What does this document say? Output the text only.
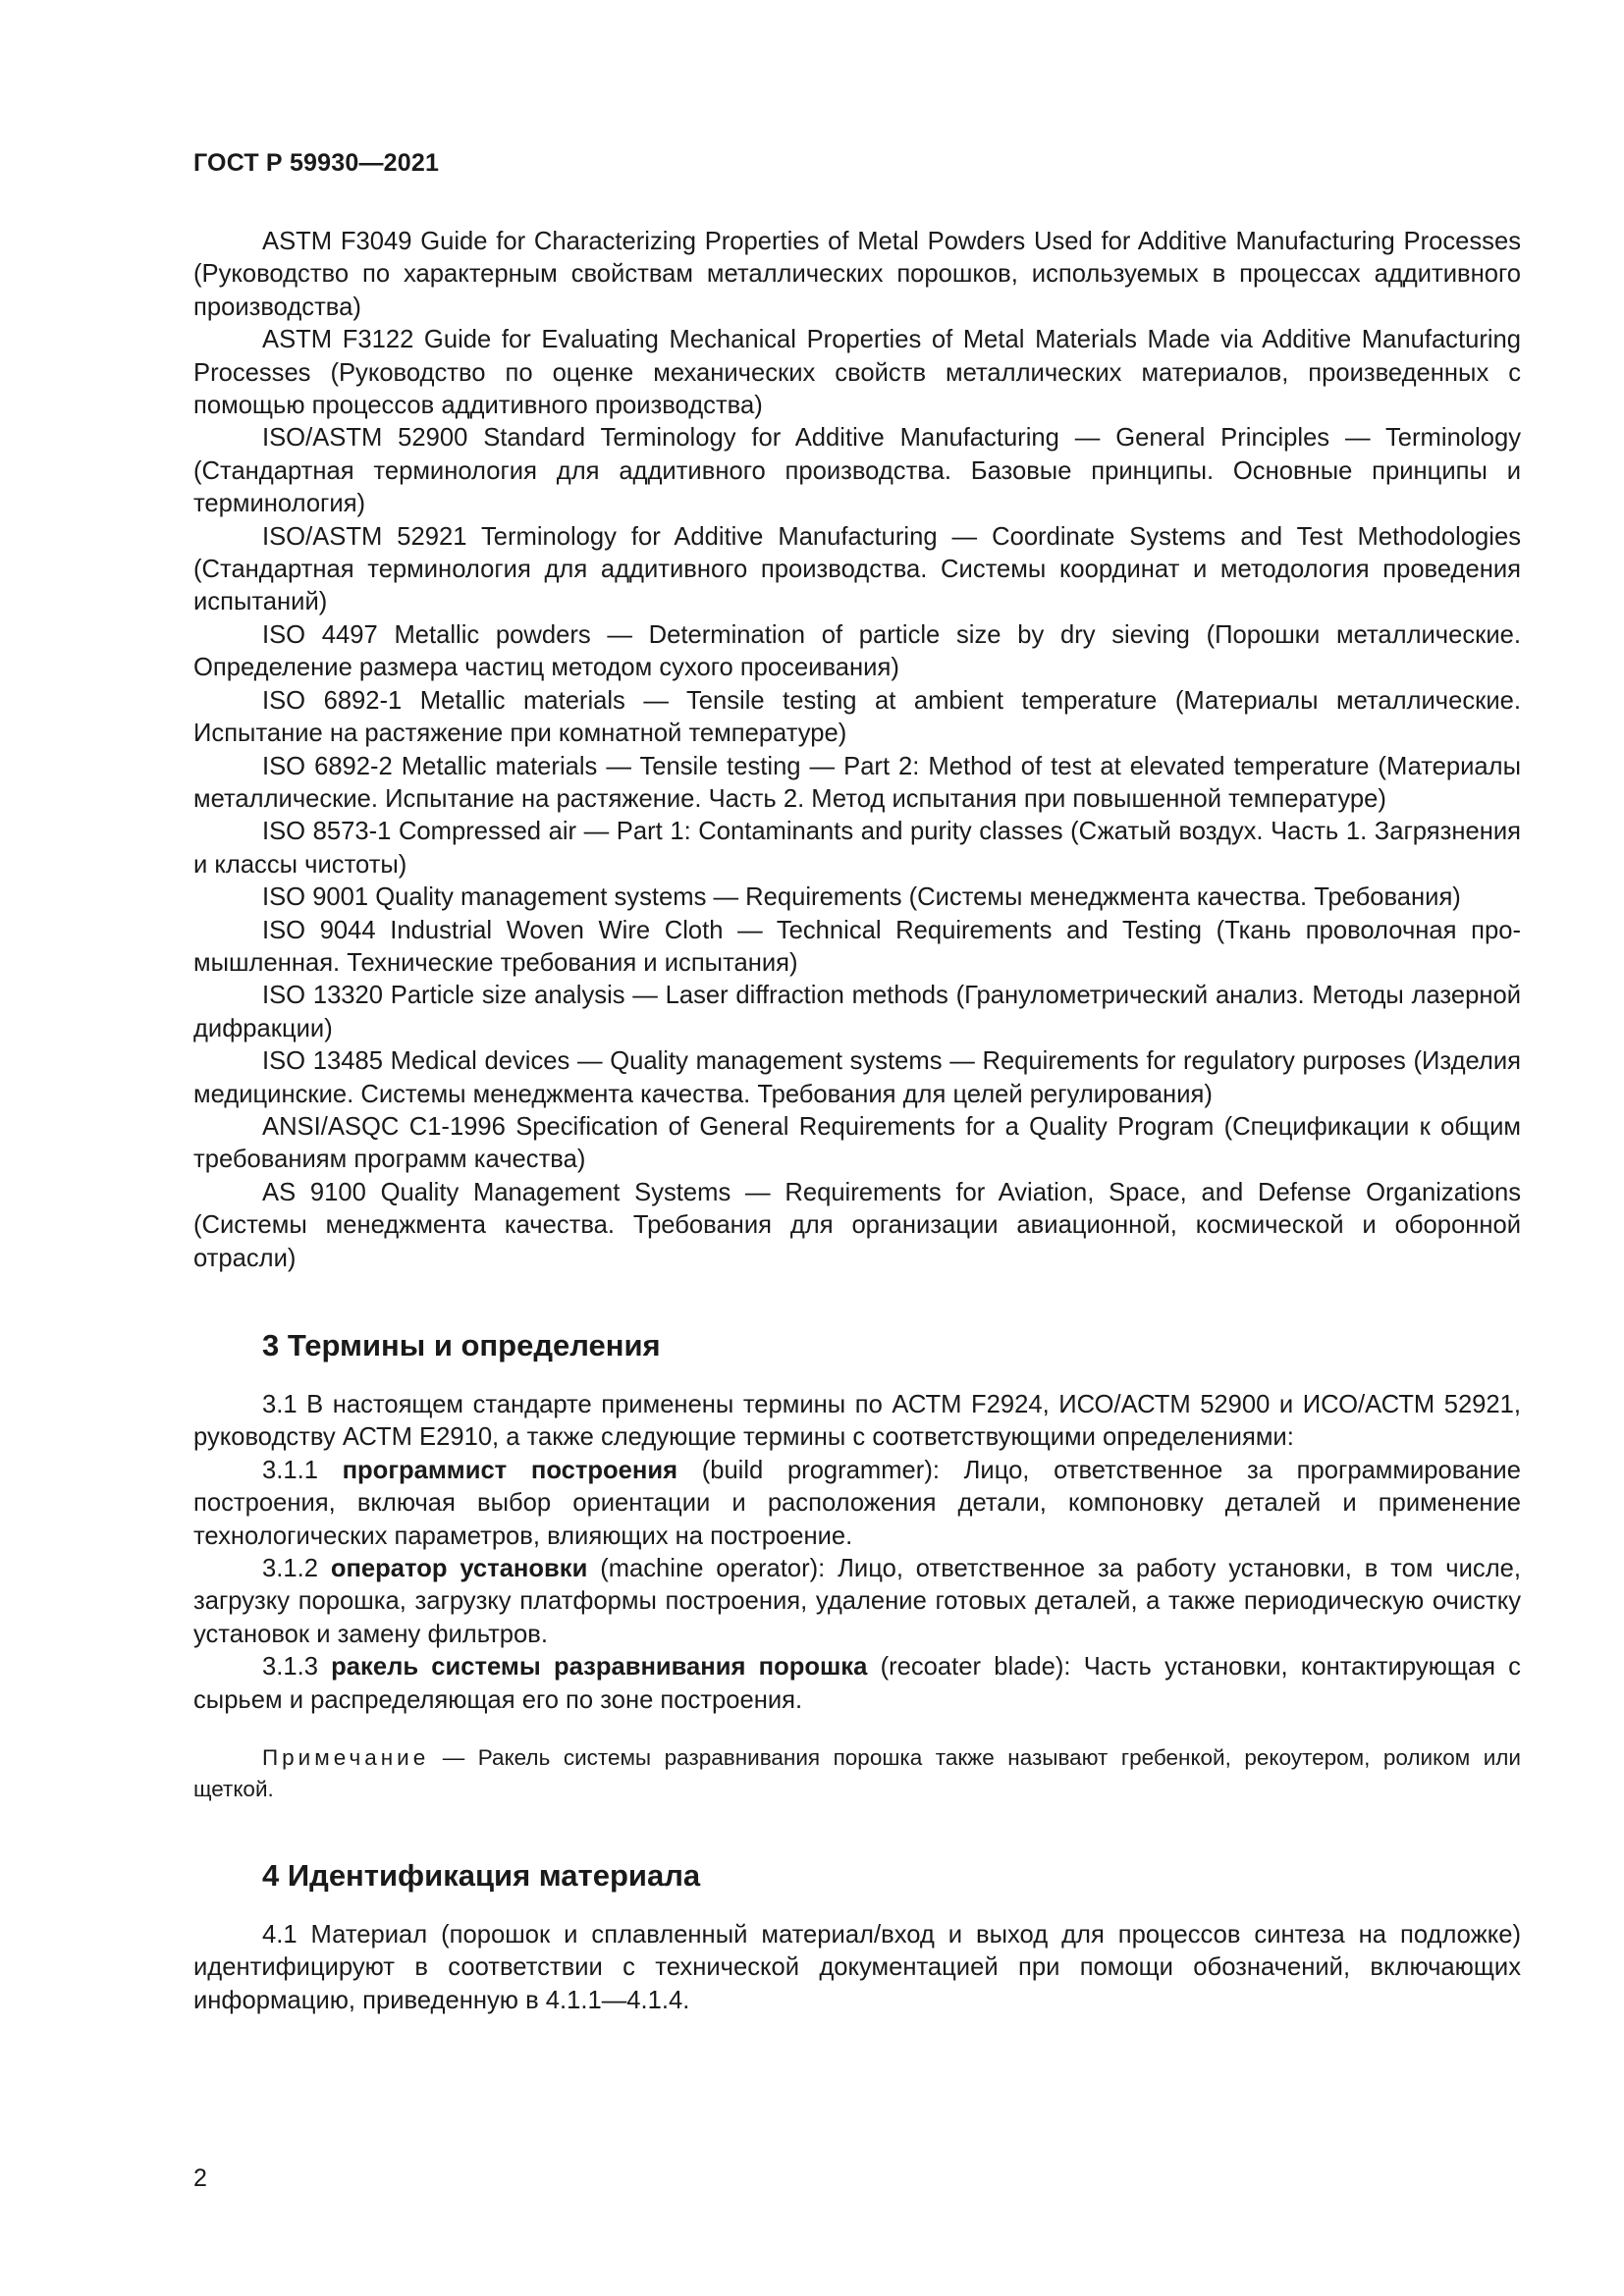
ГОСТ Р 59930—2021

ASTM F3049 Guide for Characterizing Properties of Metal Powders Used for Additive Manufacturing Processes (Руководство по характерным свойствам металлических порошков, используемых в процессах аддитивного производства)

ASTM F3122 Guide for Evaluating Mechanical Properties of Metal Materials Made via Additive Manufacturing Processes (Руководство по оценке механических свойств металлических материалов, произведенных с помощью процессов аддитивного производства)

ISO/ASTM 52900 Standard Terminology for Additive Manufacturing — General Principles — Terminology (Стандартная терминология для аддитивного производства. Базовые принципы. Основные принципы и терминология)

ISO/ASTM 52921 Terminology for Additive Manufacturing — Coordinate Systems and Test Methodologies (Стандартная терминология для аддитивного производства. Системы координат и методология проведения испытаний)

ISO 4497 Metallic powders — Determination of particle size by dry sieving (Порошки металлические. Определение размера частиц методом сухого просеивания)

ISO 6892-1 Metallic materials — Tensile testing at ambient temperature (Материалы металлические. Испытание на растяжение при комнатной температуре)

ISO 6892-2 Metallic materials — Tensile testing — Part 2: Method of test at elevated temperature (Материалы металлические. Испытание на растяжение. Часть 2. Метод испытания при повышенной температуре)

ISO 8573-1 Compressed air — Part 1: Contaminants and purity classes (Сжатый воздух. Часть 1. Загрязнения и классы чистоты)

ISO 9001 Quality management systems — Requirements (Системы менеджмента качества. Требования)

ISO 9044 Industrial Woven Wire Cloth — Technical Requirements and Testing (Ткань проволочная промышленная. Технические требования и испытания)

ISO 13320 Particle size analysis — Laser diffraction methods (Гранулометрический анализ. Методы лазерной дифракции)

ISO 13485 Medical devices — Quality management systems — Requirements for regulatory purposes (Изделия медицинские. Системы менеджмента качества. Требования для целей регулирования)

ANSI/ASQC C1-1996 Specification of General Requirements for a Quality Program (Спецификации к общим требованиям программ качества)

AS 9100 Quality Management Systems — Requirements for Aviation, Space, and Defense Organizations (Системы менеджмента качества. Требования для организации авиационной, космической и оборонной отрасли)

3 Термины и определения

3.1 В настоящем стандарте применены термины по АСТМ F2924, ИСО/АСТМ 52900 и ИСО/АСТМ 52921, руководству АСТМ E2910, а также следующие термины с соответствующими определениями:

3.1.1 программист построения (build programmer): Лицо, ответственное за программирование построения, включая выбор ориентации и расположения детали, компоновку деталей и применение технологических параметров, влияющих на построение.

3.1.2 оператор установки (machine operator): Лицо, ответственное за работу установки, в том числе, загрузку порошка, загрузку платформы построения, удаление готовых деталей, а также периодическую очистку установок и замену фильтров.

3.1.3 ракель системы разравнивания порошка (recoater blade): Часть установки, контактирующая с сырьем и распределяющая его по зоне построения.

Примечание — Ракель системы разравнивания порошка также называют гребенкой, рекоутером, роликом или щеткой.

4 Идентификация материала

4.1 Материал (порошок и сплавленный материал/вход и выход для процессов синтеза на подложке) идентифицируют в соответствии с технической документацией при помощи обозначений, включающих информацию, приведенную в 4.1.1—4.1.4.

2
